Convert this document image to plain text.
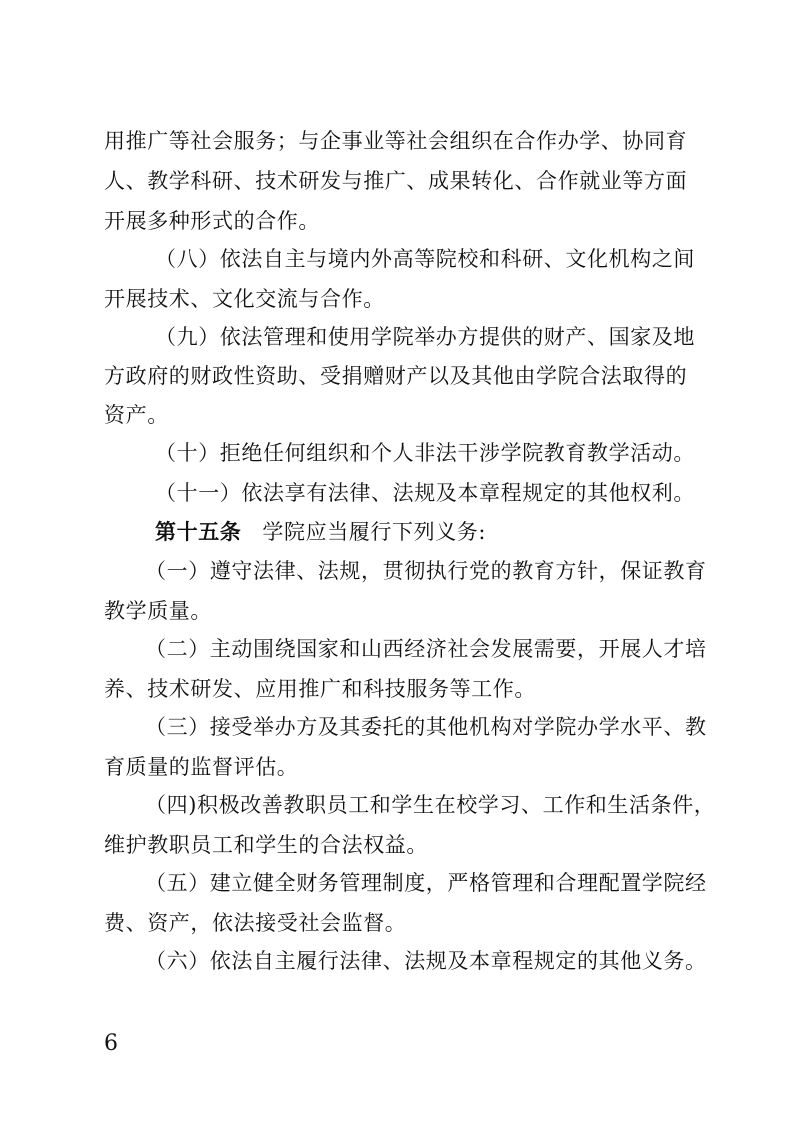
用推广等社会服务；与企事业等社会组织在合作办学、协同育
人、教学科研、技术研发与推广、成果转化、合作就业等方面
开展多种形式的合作。
（八）依法自主与境内外高等院校和科研、文化机构之间
开展技术、文化交流与合作。
（九）依法管理和使用学院举办方提供的财产、国家及地
方政府的财政性资助、受捐赠财产以及其他由学院合法取得的
资产。
（十）拒绝任何组织和个人非法干涉学院教育教学活动。
（十一）依法享有法律、法规及本章程规定的其他权利。
第十五条 学院应当履行下列义务:
（一）遵守法律、法规，贯彻执行党的教育方针，保证教育
教学质量。
（二）主动围绕国家和山西经济社会发展需要，开展人才培
养、技术研发、应用推广和科技服务等工作。
（三）接受举办方及其委托的其他机构对学院办学水平、教
育质量的监督评估。
（四)积极改善教职员工和学生在校学习、工作和生活条件，
维护教职员工和学生的合法权益。
（五）建立健全财务管理制度，严格管理和合理配置学院经
费、资产，依法接受社会监督。
（六）依法自主履行法律、法规及本章程规定的其他义务。
6
